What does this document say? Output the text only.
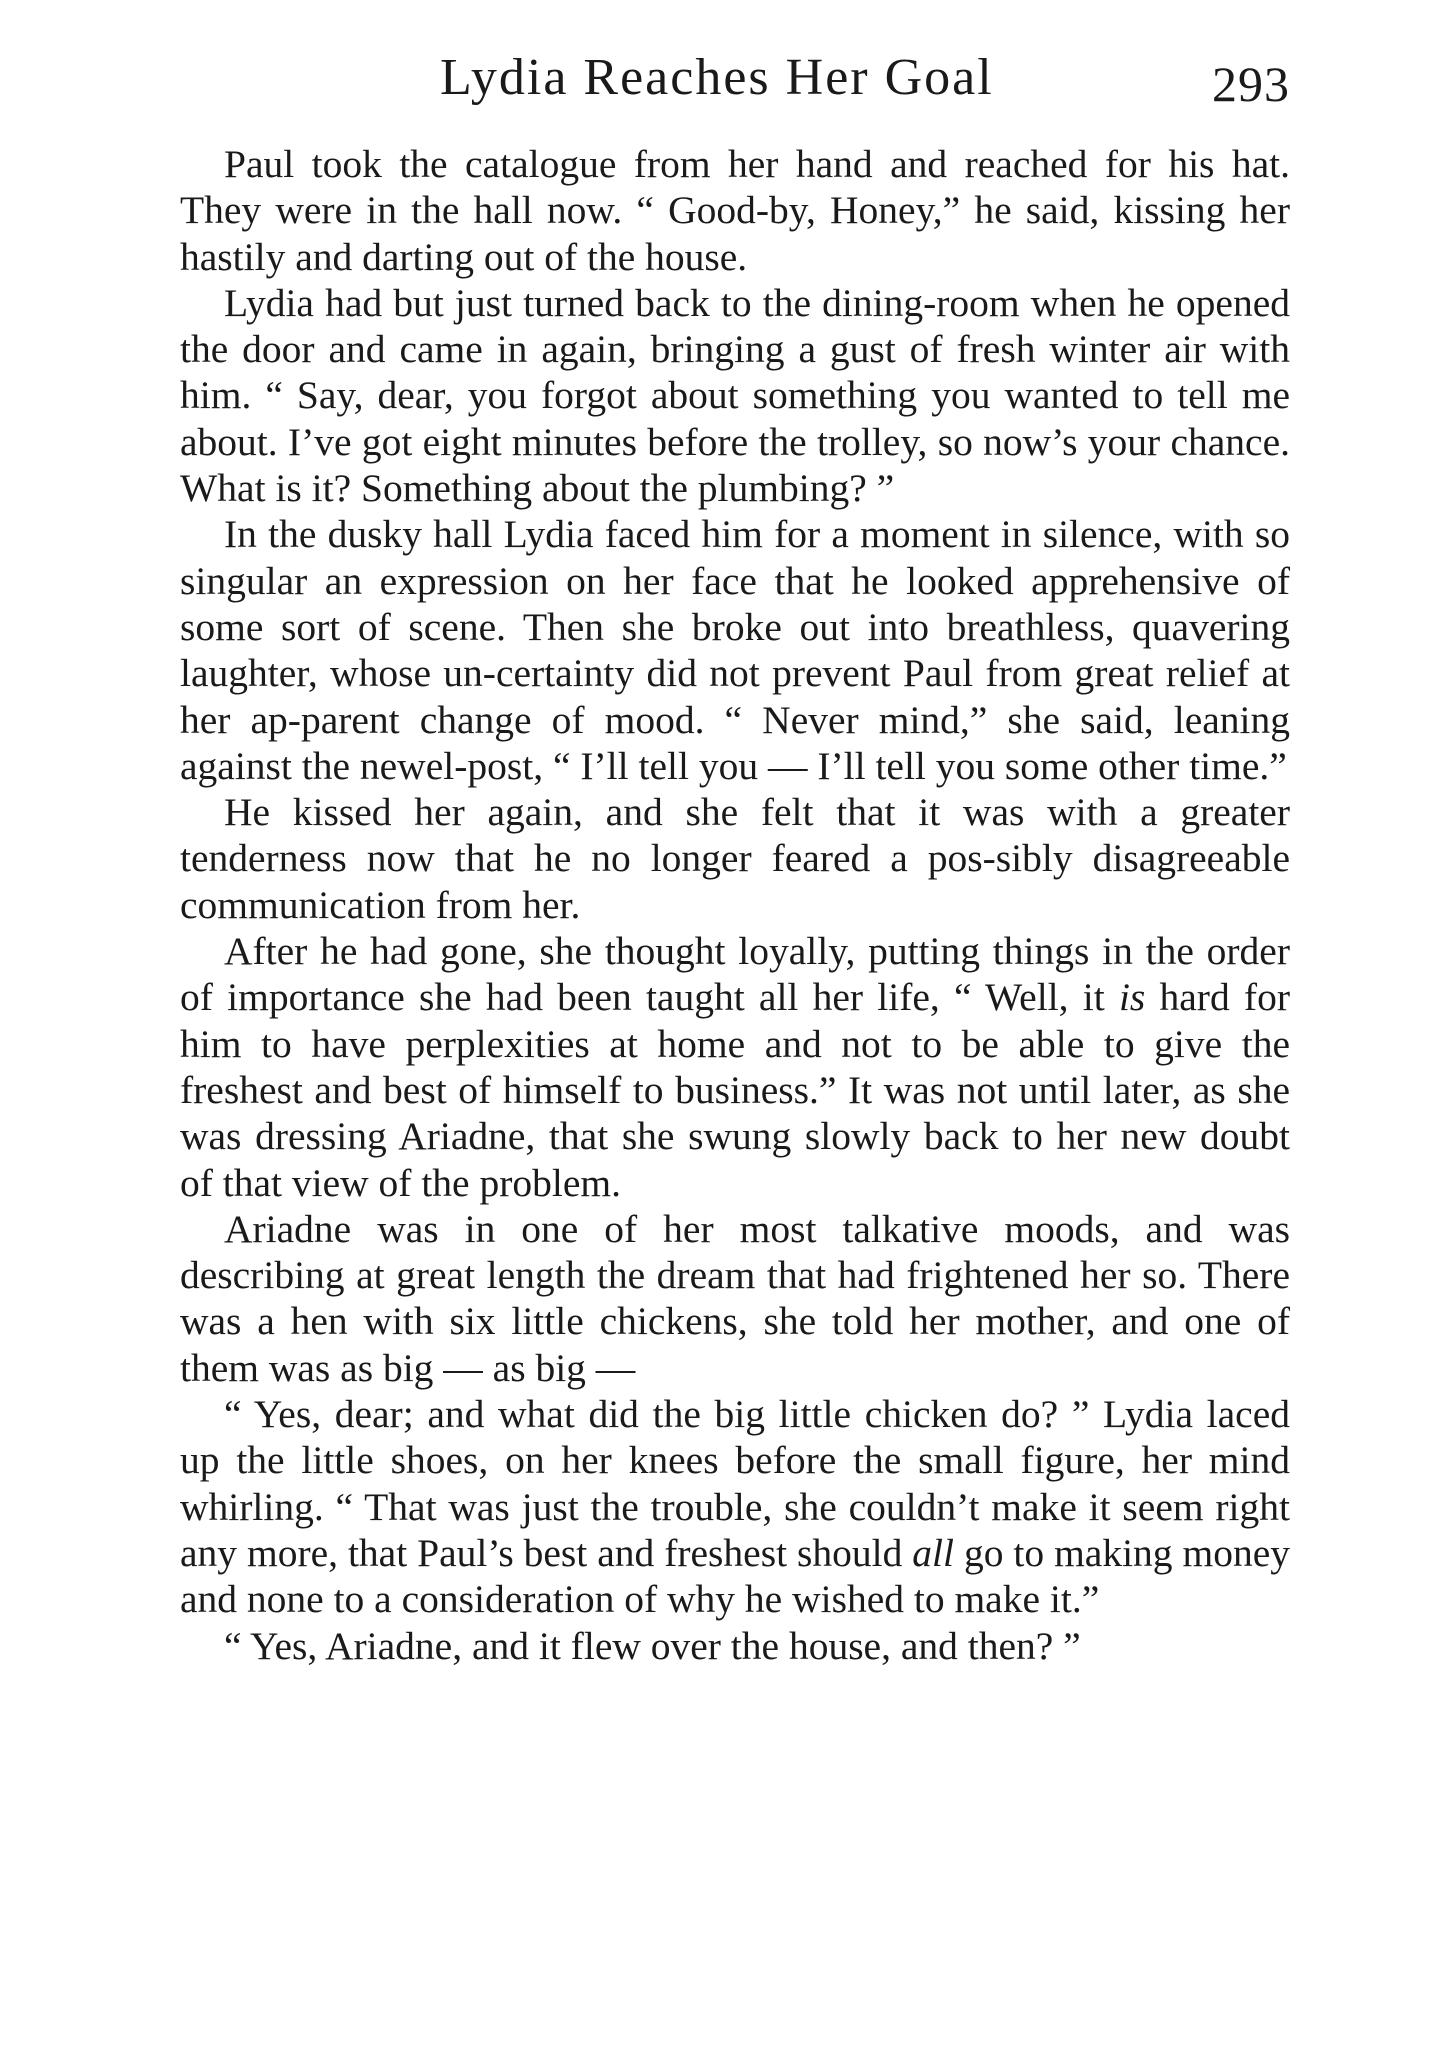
Lydia Reaches Her Goal	293

Paul took the catalogue from her hand and reached for his hat. They were in the hall now. “ Good-by, Honey,” he said, kissing her hastily and darting out of the house.

Lydia had but just turned back to the dining-room when he opened the door and came in again, bringing a gust of fresh winter air with him. “ Say, dear, you forgot about something you wanted to tell me about. I’ve got eight minutes before the trolley, so now’s your chance. What is it? Something about the plumbing? ”

In the dusky hall Lydia faced him for a moment in silence, with so singular an expression on her face that he looked apprehensive of some sort of scene. Then she broke out into breathless, quavering laughter, whose un-certainty did not prevent Paul from great relief at her ap-parent change of mood. “ Never mind,” she said, leaning against the newel-post, “ I’ll tell you — I’ll tell you some other time.”

He kissed her again, and she felt that it was with a greater tenderness now that he no longer feared a pos-sibly disagreeable communication from her.

After he had gone, she thought loyally, putting things in the order of importance she had been taught all her life, “ Well, it is hard for him to have perplexities at home and not to be able to give the freshest and best of himself to business.” It was not until later, as she was dressing Ariadne, that she swung slowly back to her new doubt of that view of the problem.

Ariadne was in one of her most talkative moods, and was describing at great length the dream that had frightened her so. There was a hen with six little chickens, she told her mother, and one of them was as big — as big —

“ Yes, dear; and what did the big little chicken do? ” Lydia laced up the little shoes, on her knees before the small figure, her mind whirling. “ That was just the trouble, she couldn’t make it seem right any more, that Paul’s best and freshest should all go to making money and none to a consideration of why he wished to make it.”

“ Yes, Ariadne, and it flew over the house, and then? ”
